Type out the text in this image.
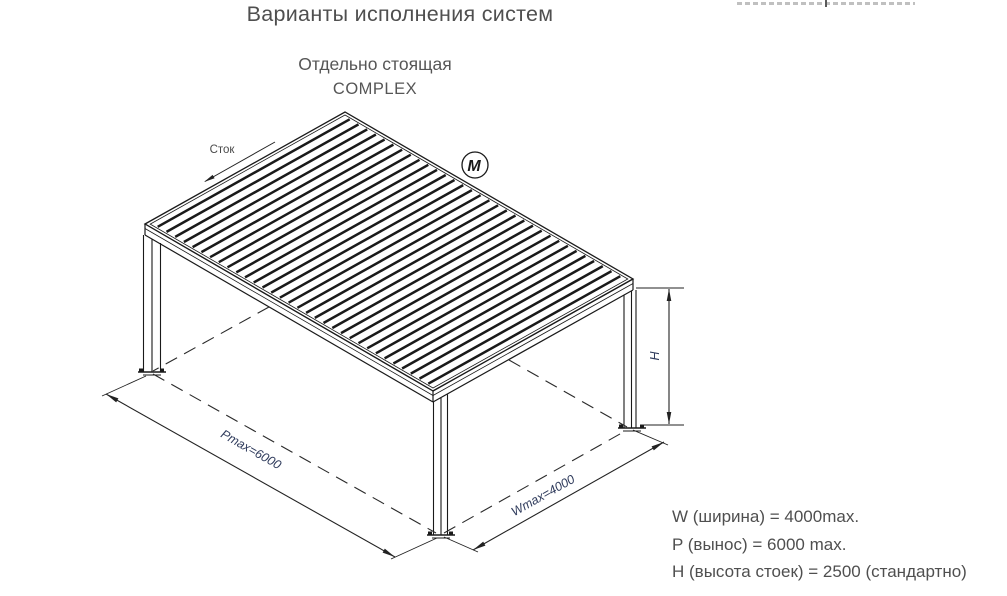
Pmax=6000
Wmax=4000
H
Сток
M
Варианты исполнения систем
Отдельно стоящая
COMPLEX
W (ширина) = 4000max.
P (вынос) = 6000 max.
H (высота стоек) = 2500 (стандартно)
